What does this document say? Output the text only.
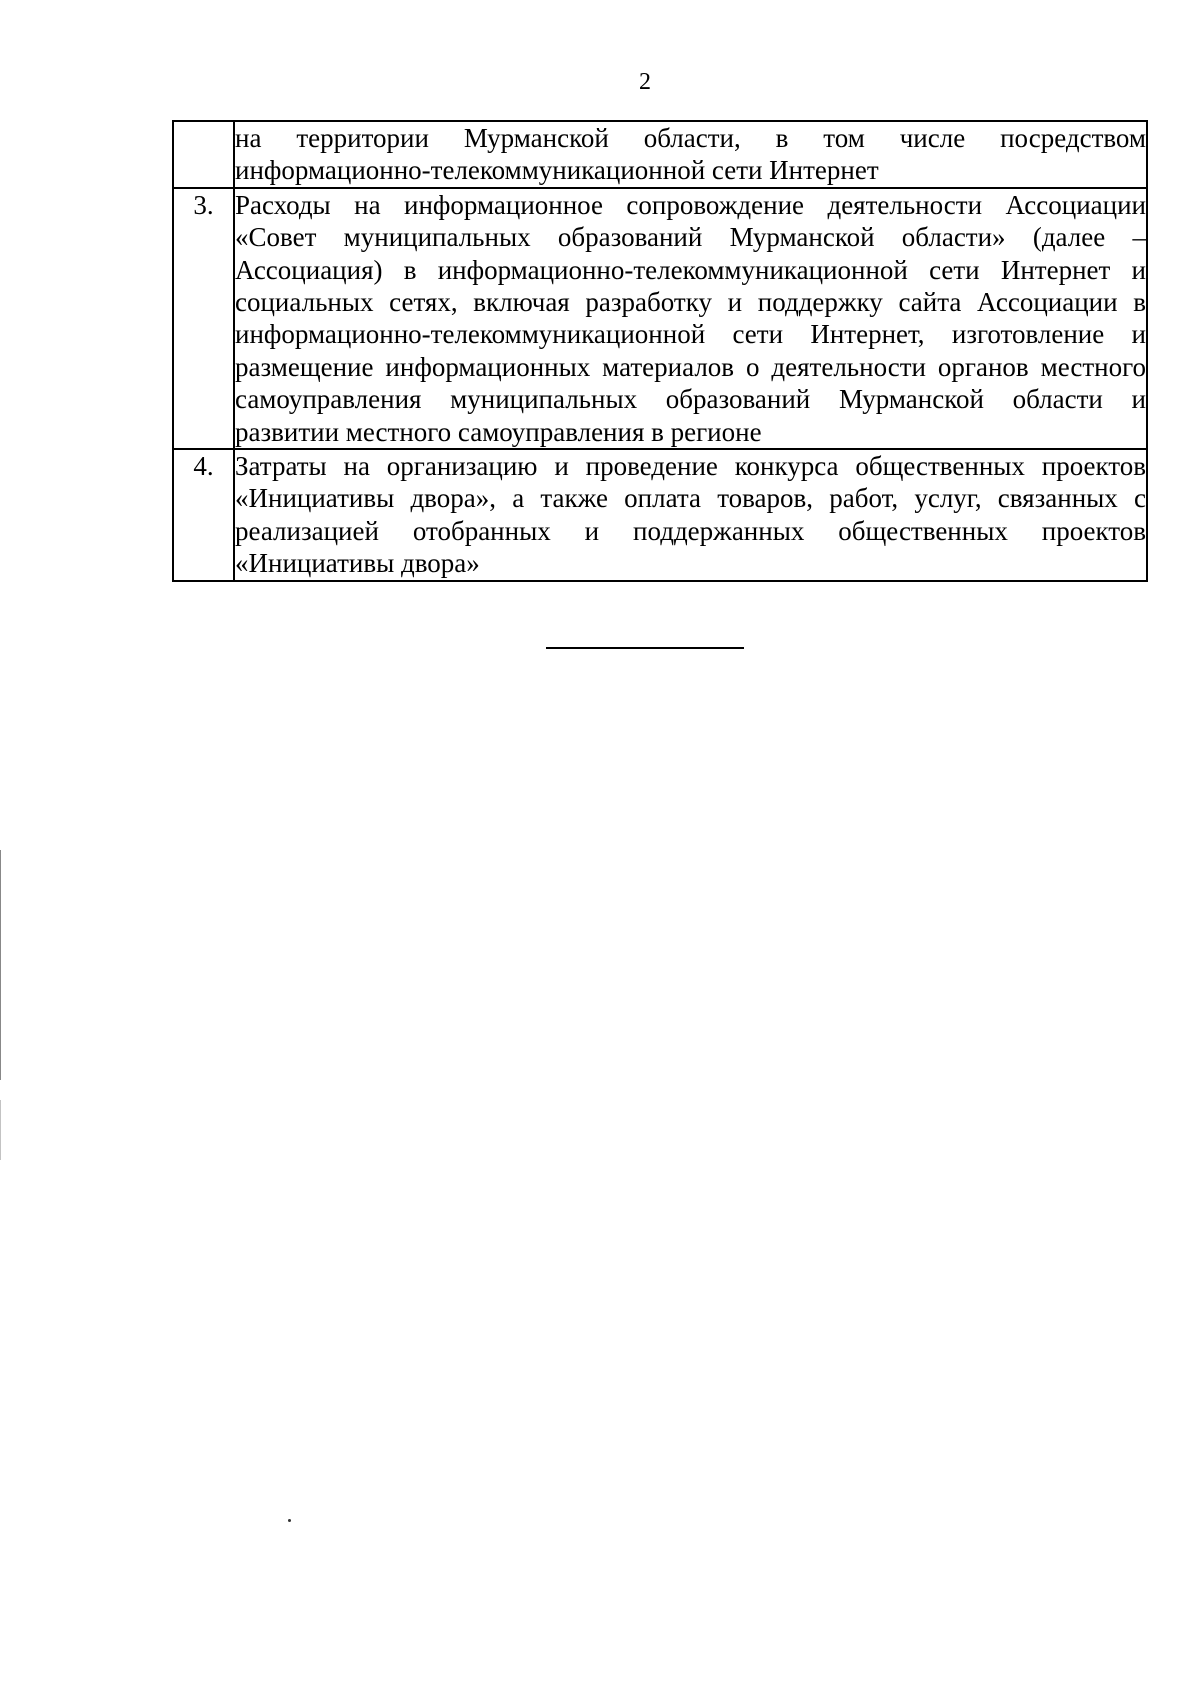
2
	на территории Мурманской области, в том числе посредством информационно-телекоммуникационной сети Интернет
3.	Расходы на информационное сопровождение деятельности Ассоциации «Совет муниципальных образований Мурманской области» (далее – Ассоциация) в информационно-телекоммуникационной сети Интернет и социальных сетях, включая разработку и поддержку сайта Ассоциации в информационно-телекоммуникационной сети Интернет, изготовление и размещение информационных материалов о деятельности органов местного самоуправления муниципальных образований Мурманской области и развитии местного самоуправления в регионе
4.	Затраты на организацию и проведение конкурса общественных проектов «Инициативы двора», а также оплата товаров, работ, услуг, связанных с реализацией отобранных и поддержанных общественных проектов «Инициативы двора»
